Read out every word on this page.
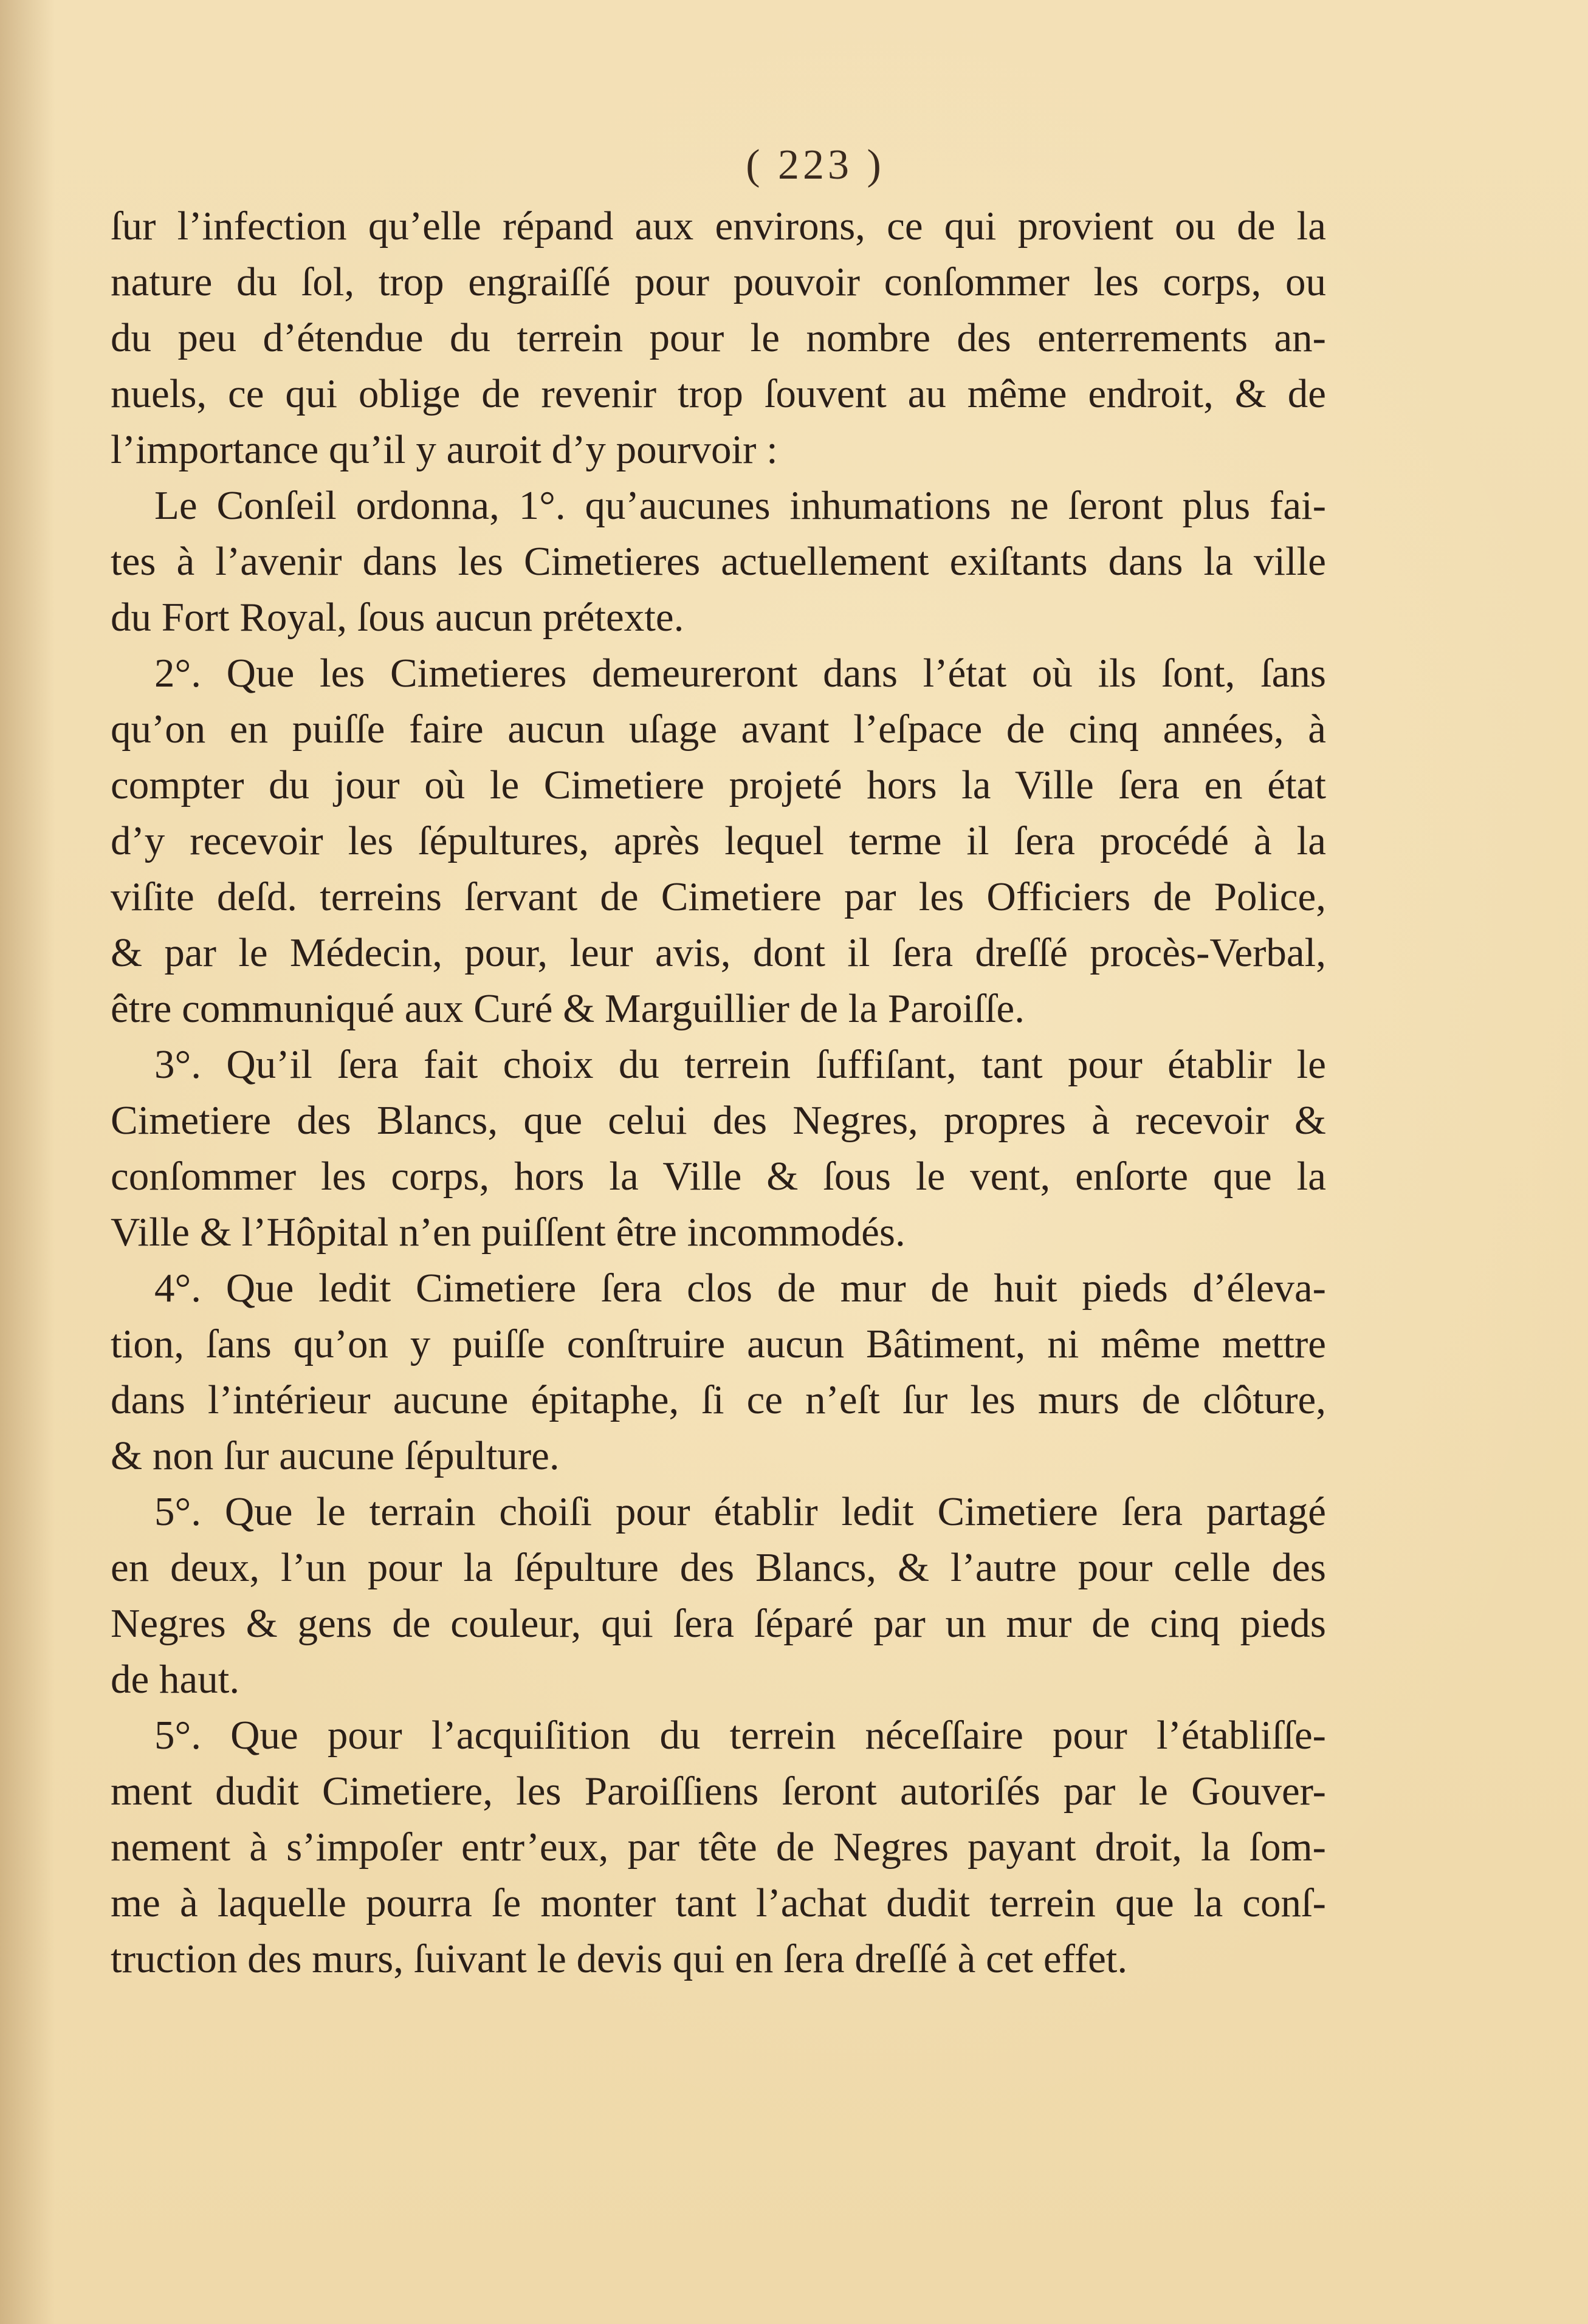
( 223 )
ſur l’infection qu’elle répand aux environs, ce qui provient ou de la
nature du ſol, trop engraiſſé pour pouvoir conſommer les corps, ou
du peu d’étendue du terrein pour le nombre des enterrements an-
nuels, ce qui oblige de revenir trop ſouvent au même endroit, & de
l’importance qu’il y auroit d’y pourvoir :
Le Conſeil ordonna, 1°. qu’aucunes inhumations ne ſeront plus fai-
tes à l’avenir dans les Cimetieres actuellement exiſtants dans la ville
du Fort Royal, ſous aucun prétexte.
2°. Que les Cimetieres demeureront dans l’état où ils ſont, ſans
qu’on en puiſſe faire aucun uſage avant l’eſpace de cinq années, à
compter du jour où le Cimetiere projeté hors la Ville ſera en état
d’y recevoir les ſépultures, après lequel terme il ſera procédé à la
viſite deſd. terreins ſervant de Cimetiere par les Officiers de Police,
& par le Médecin, pour, leur avis, dont il ſera dreſſé procès-Verbal,
être communiqué aux Curé & Marguillier de la Paroiſſe.
3°. Qu’il ſera fait choix du terrein ſuffiſant, tant pour établir le
Cimetiere des Blancs, que celui des Negres, propres à recevoir &
conſommer les corps, hors la Ville & ſous le vent, enſorte que la
Ville & l’Hôpital n’en puiſſent être incommodés.
4°. Que ledit Cimetiere ſera clos de mur de huit pieds d’éleva-
tion, ſans qu’on y puiſſe conſtruire aucun Bâtiment, ni même mettre
dans l’intérieur aucune épitaphe, ſi ce n’eſt ſur les murs de clôture,
& non ſur aucune ſépulture.
5°. Que le terrain choiſi pour établir ledit Cimetiere ſera partagé
en deux, l’un pour la ſépulture des Blancs, & l’autre pour celle des
Negres & gens de couleur, qui ſera ſéparé par un mur de cinq pieds
de haut.
5°. Que pour l’acquiſition du terrein néceſſaire pour l’établiſſe-
ment dudit Cimetiere, les Paroiſſiens ſeront autoriſés par le Gouver-
nement à s’impoſer entr’eux, par tête de Negres payant droit, la ſom-
me à laquelle pourra ſe monter tant l’achat dudit terrein que la conſ-
truction des murs, ſuivant le devis qui en ſera dreſſé à cet effet.
